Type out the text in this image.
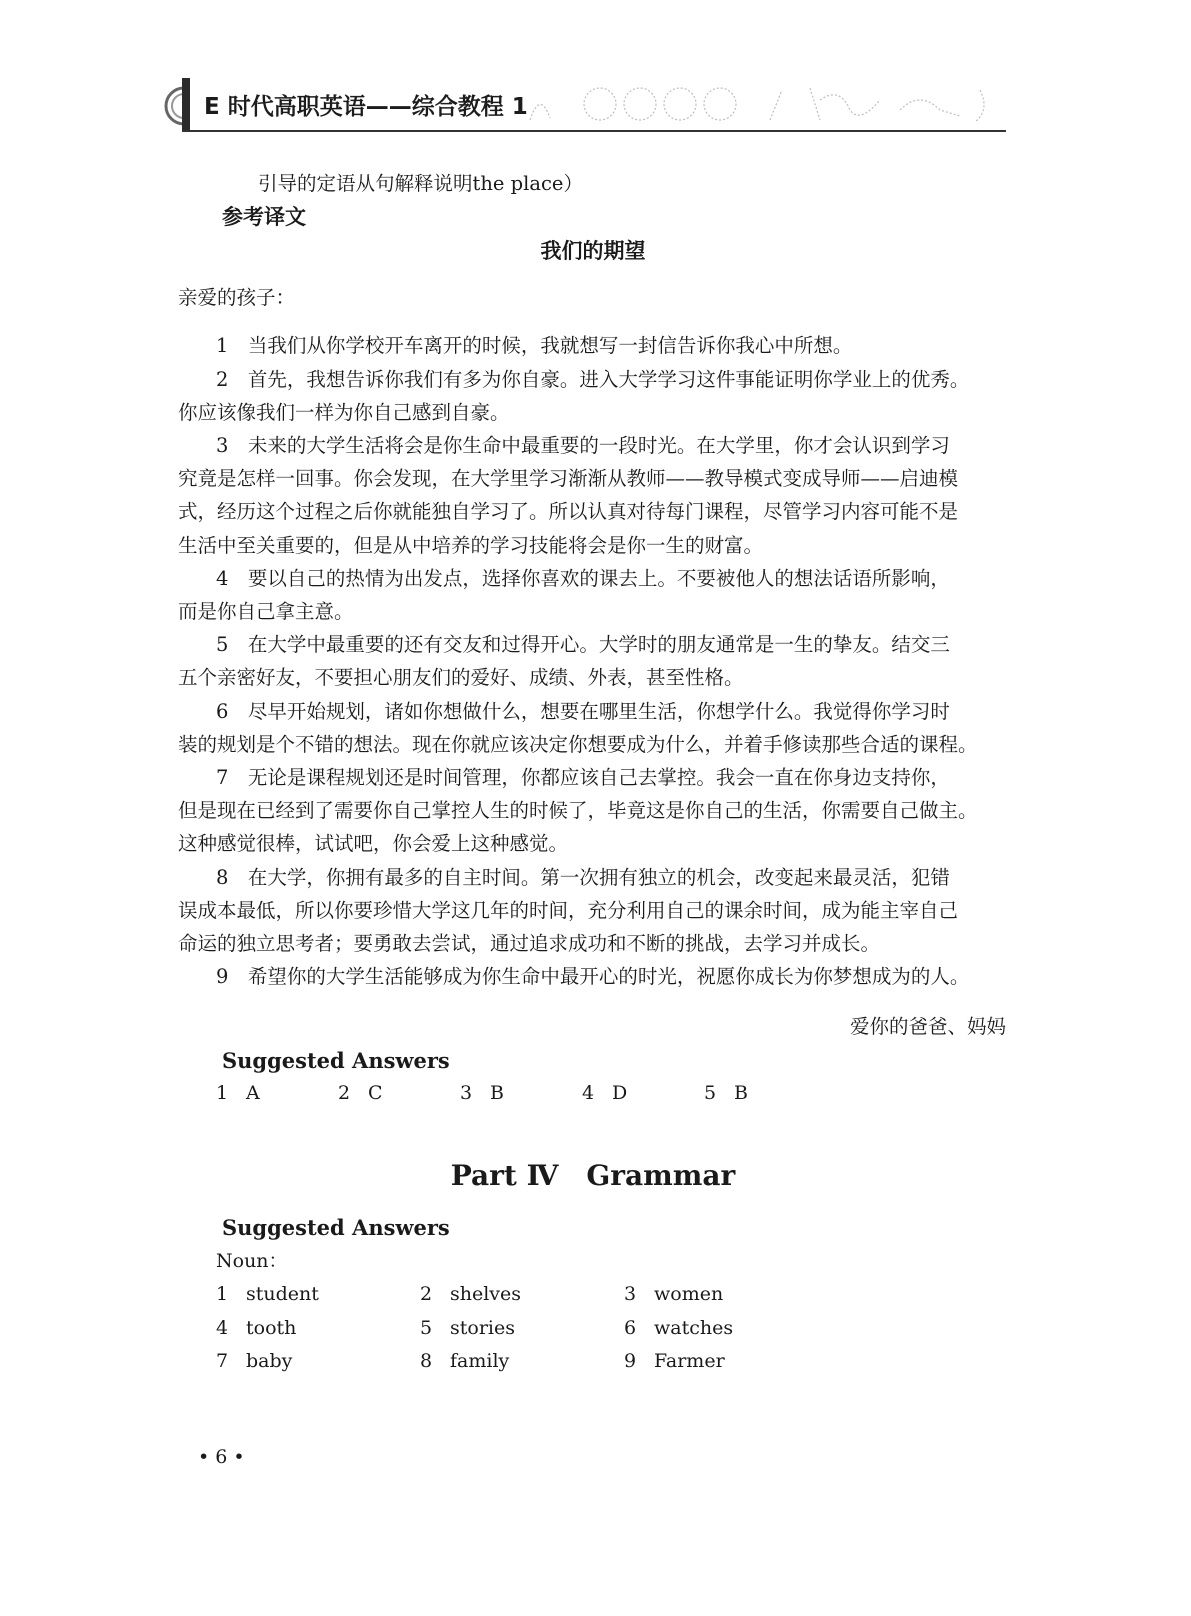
E 时代高职英语——综合教程 1
引导的定语从句解释说明the place）
参考译文
我们的期望
亲爱的孩子：
1　当我们从你学校开车离开的时候，我就想写一封信告诉你我心中所想。
2　首先，我想告诉你我们有多为你自豪。进入大学学习这件事能证明你学业上的优秀。
你应该像我们一样为你自己感到自豪。
3　未来的大学生活将会是你生命中最重要的一段时光。在大学里，你才会认识到学习
究竟是怎样一回事。你会发现，在大学里学习渐渐从教师——教导模式变成导师——启迪模
式，经历这个过程之后你就能独自学习了。所以认真对待每门课程，尽管学习内容可能不是
生活中至关重要的，但是从中培养的学习技能将会是你一生的财富。
4　要以自己的热情为出发点，选择你喜欢的课去上。不要被他人的想法话语所影响，
而是你自己拿主意。
5　在大学中最重要的还有交友和过得开心。大学时的朋友通常是一生的挚友。结交三
五个亲密好友，不要担心朋友们的爱好、成绩、外表，甚至性格。
6　尽早开始规划，诸如你想做什么，想要在哪里生活，你想学什么。我觉得你学习时
装的规划是个不错的想法。现在你就应该决定你想要成为什么，并着手修读那些合适的课程。
7　无论是课程规划还是时间管理，你都应该自己去掌控。我会一直在你身边支持你，
但是现在已经到了需要你自己掌控人生的时候了，毕竟这是你自己的生活，你需要自己做主。
这种感觉很棒，试试吧，你会爱上这种感觉。
8　在大学，你拥有最多的自主时间。第一次拥有独立的机会，改变起来最灵活，犯错
误成本最低，所以你要珍惜大学这几年的时间，充分利用自己的课余时间，成为能主宰自己
命运的独立思考者；要勇敢去尝试，通过追求成功和不断的挑战，去学习并成长。
9　希望你的大学生活能够成为你生命中最开心的时光，祝愿你成长为你梦想成为的人。
爱你的爸爸、妈妈
Suggested Answers
1 A	2 C	3 B	4 D	5 B
Part Ⅳ　Grammar
Suggested Answers
Noun：
1 student	2 shelves	3 women
4 tooth	5 stories	6 watches
7 baby	8 family	9 Farmer
• 6 •
